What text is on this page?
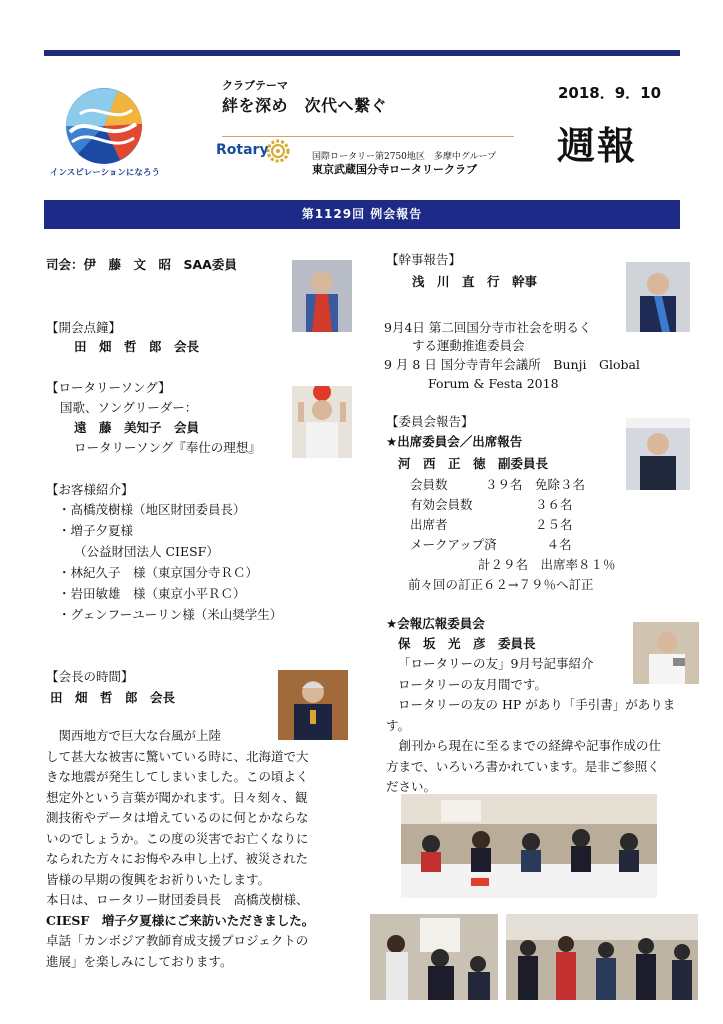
インスピレーションになろう
クラブテーマ
絆を深め　次代へ繋ぐ
Rotary	国際ロータリー第2750地区　多摩中グループ
東京武蔵国分寺ロータリークラブ
2018．9．10
週報
第1129回 例会報告
司会：伊　藤　文　昭　SAA委員
【開会点鐘】
田　畑　哲　郎　会長
【ロータリーソング】
国歌、ソングリーダー：
遠　藤　美知子　会員
ロータリーソング『奉仕の理想』
【お客様紹介】
・高橋茂樹様（地区財団委員長）
・増子夕夏様
（公益財団法人 CIESF）
・林紀久子　様（東京国分寺ＲＣ）
・岩田敏雄　様（東京小平ＲＣ）
・グェンフーユーリン様（米山奨学生）
【会長の時間】
田　畑　哲　郎　会長
　関西地方で巨大な台風が上陸
して甚大な被害に驚いている時に、北海道で大
きな地震が発生してしまいました。この頃よく
想定外という言葉が聞かれます。日々刻々、観
測技術やデータは増えているのに何とかならな
いのでしょうか。この度の災害でお亡くなりに
なられた方々にお悔やみ申し上げ、被災された
皆様の早期の復興をお祈りいたします。
本日は、ロータリー財団委員長　高橋茂樹様、
CIESF　増子夕夏様にご来訪いただきました。
卓話「カンボジア教師育成支援プロジェクトの
進展」を楽しみにしております。
【幹事報告】
浅　川　直　行　幹事
9月4日 第二回国分寺市社会を明るく
する運動推進委員会
9 月 8 日 国分寺青年会議所　Bunji　Global
Forum & Festa 2018
【委員会報告】
★出席委員会／出席報告
河　西　正　徳　副委員長
会員数　　　３９名　免除３名
有効会員数　　　　　３６名
出席者　　　　　　　２５名
メークアップ済　　　　４名
計２９名　出席率８１％
前々回の訂正６２→７９％へ訂正
★会報広報委員会
保　坂　光　彦　委員長
「ロータリーの友」9月号記事紹介
ロータリーの友月間です。
ロータリーの友の HP があり「手引書」がありま
す。
　創刊から現在に至るまでの経緯や記事作成の仕
方まで、いろいろ書かれています。是非ご参照く
ださい。
